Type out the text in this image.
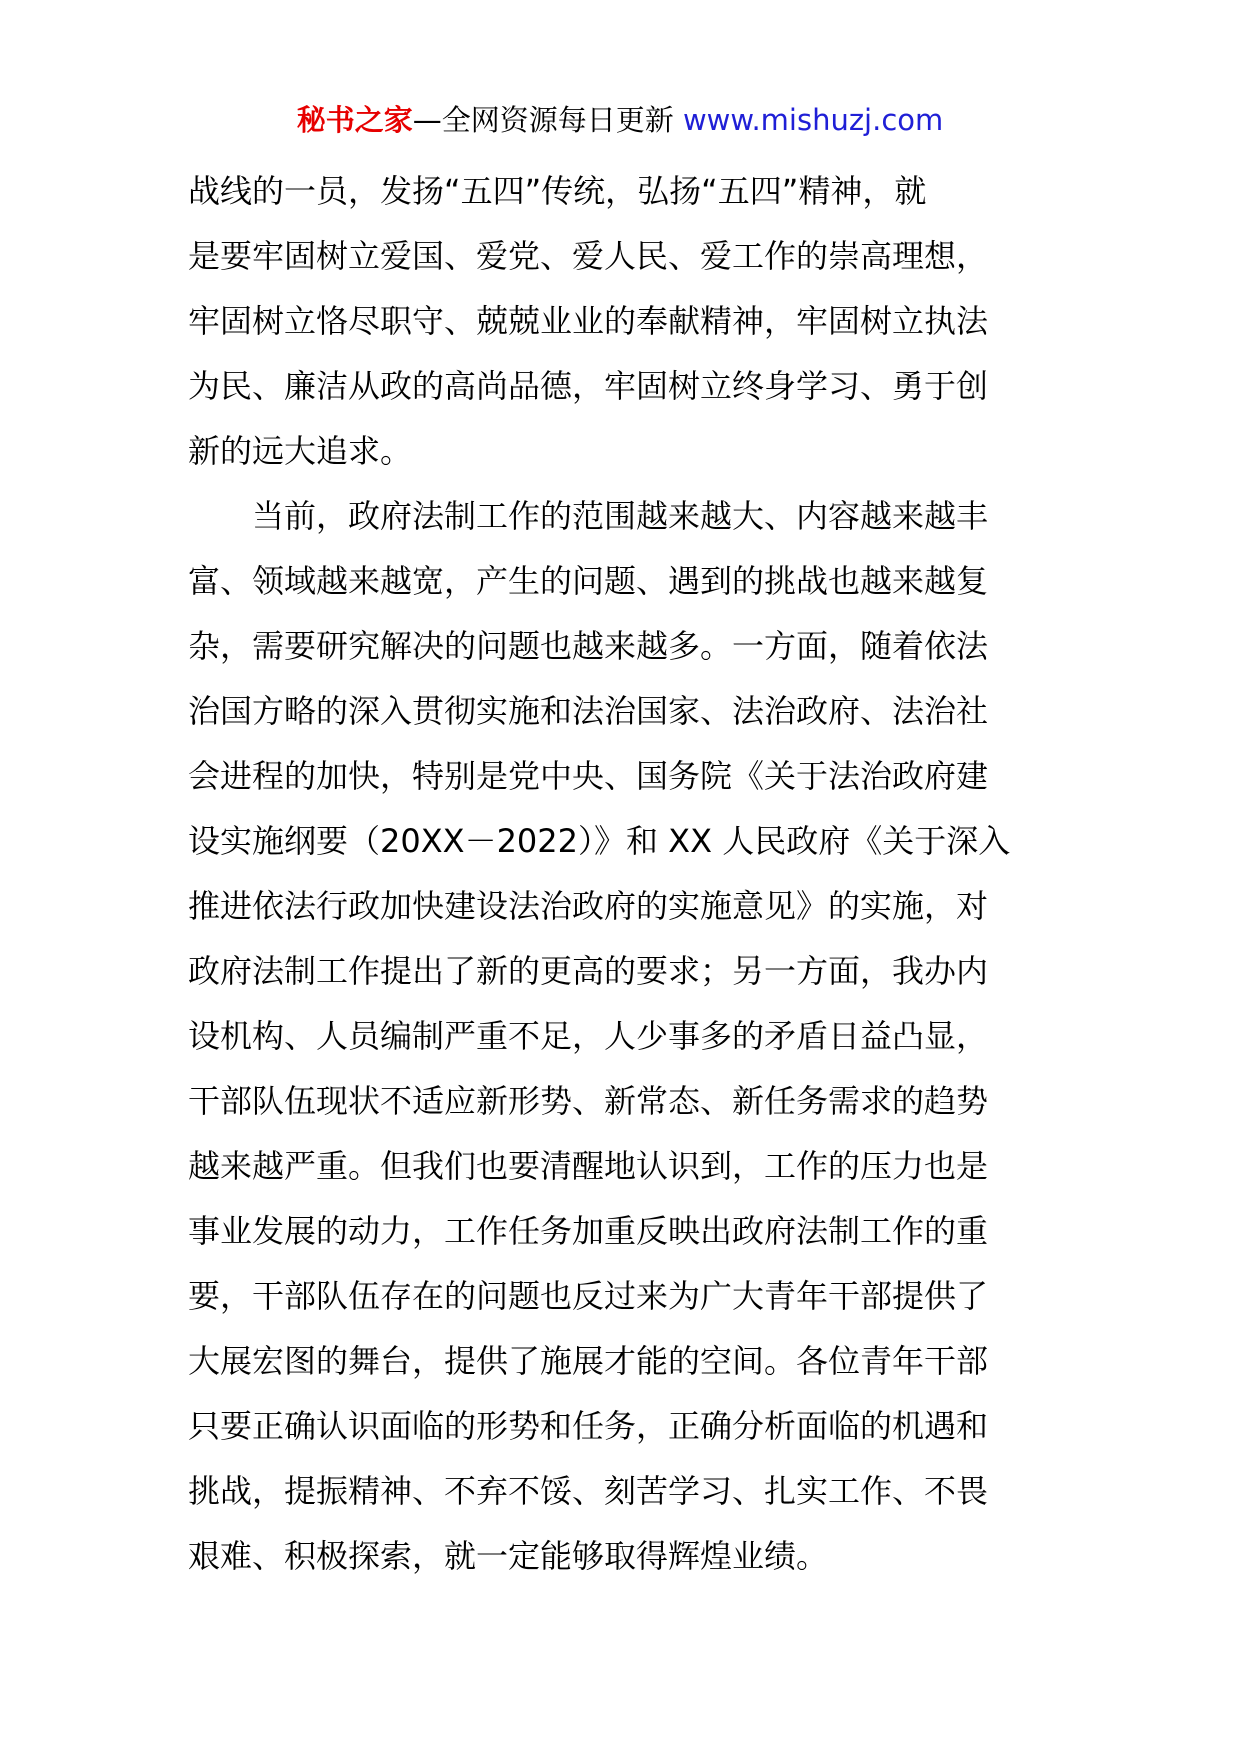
秘书之家—全网资源每日更新 www.mishuzj.com
战线的一员，发扬“五四”传统，弘扬“五四”精神，就
是要牢固树立爱国、爱党、爱人民、爱工作的崇高理想，
牢固树立恪尽职守、兢兢业业的奉献精神，牢固树立执法
为民、廉洁从政的高尚品德，牢固树立终身学习、勇于创
新的远大追求。
当前，政府法制工作的范围越来越大、内容越来越丰
富、领域越来越宽，产生的问题、遇到的挑战也越来越复
杂，需要研究解决的问题也越来越多。一方面，随着依法
治国方略的深入贯彻实施和法治国家、法治政府、法治社
会进程的加快，特别是党中央、国务院《关于法治政府建
设实施纲要（20XX－2022）》和 XX 人民政府《关于深入
推进依法行政加快建设法治政府的实施意见》的实施，对
政府法制工作提出了新的更高的要求；另一方面，我办内
设机构、人员编制严重不足，人少事多的矛盾日益凸显，
干部队伍现状不适应新形势、新常态、新任务需求的趋势
越来越严重。但我们也要清醒地认识到，工作的压力也是
事业发展的动力，工作任务加重反映出政府法制工作的重
要，干部队伍存在的问题也反过来为广大青年干部提供了
大展宏图的舞台，提供了施展才能的空间。各位青年干部
只要正确认识面临的形势和任务，正确分析面临的机遇和
挑战，提振精神、不弃不馁、刻苦学习、扎实工作、不畏
艰难、积极探索，就一定能够取得辉煌业绩。
